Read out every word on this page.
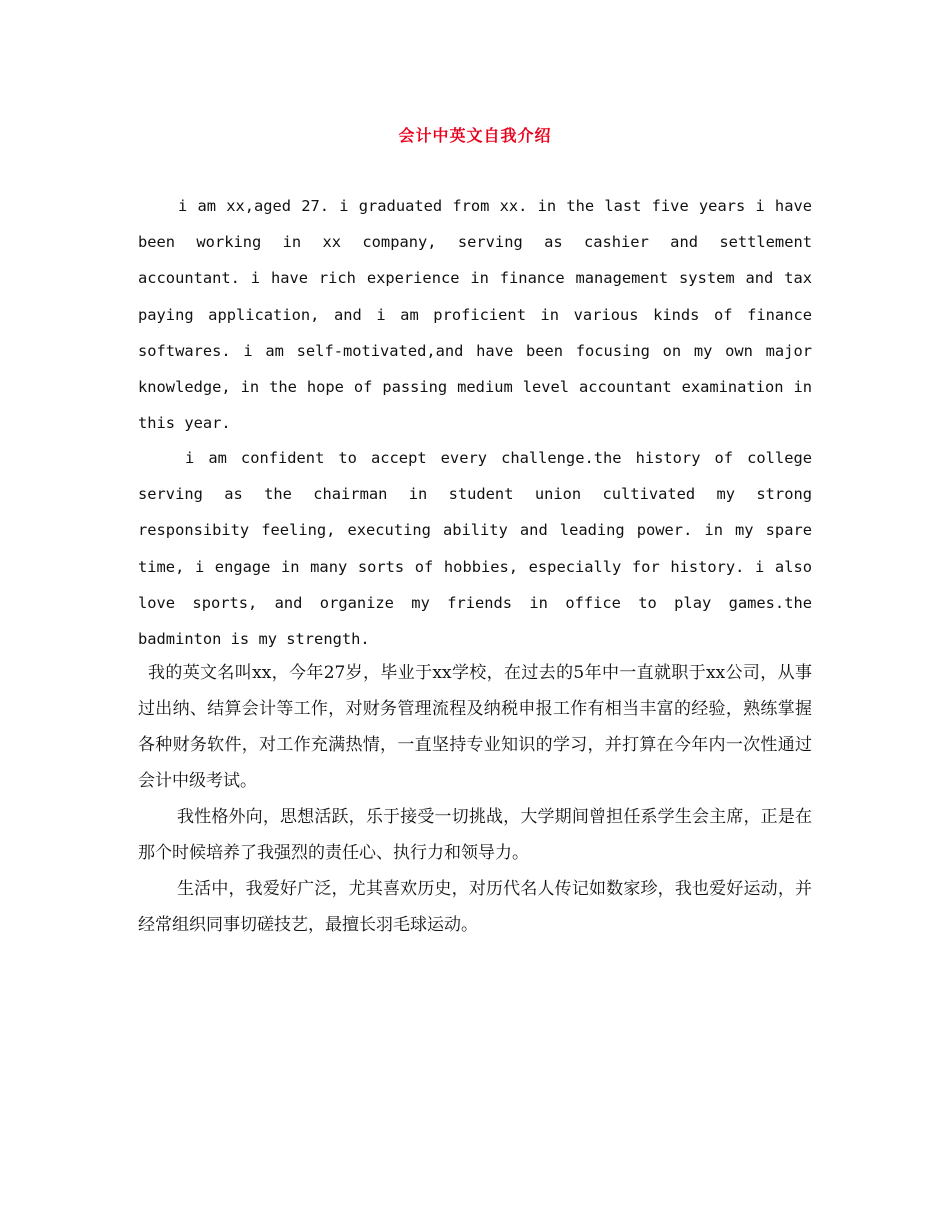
会计中英文自我介绍

i am xx,aged 27. i graduated from xx. in the last five years i have been working in xx company, serving as cashier and settlement accountant. i have rich experience in finance management system and tax paying application, and i am proficient in various kinds of finance softwares. i am self-motivated,and have been focusing on my own major knowledge, in the hope of passing medium level accountant examination in this year.

i am confident to accept every challenge.the history of college serving as the chairman in student union cultivated my strong responsibity feeling, executing ability and leading power. in my spare time, i engage in many sorts of hobbies, especially for history. i also love sports, and organize my friends in office to play games.the badminton is my strength.

我的英文名叫xx，今年27岁，毕业于xx学校，在过去的5年中一直就职于xx公司，从事过出纳、结算会计等工作，对财务管理流程及纳税申报工作有相当丰富的经验，熟练掌握各种财务软件，对工作充满热情，一直坚持专业知识的学习，并打算在今年内一次性通过会计中级考试。

我性格外向，思想活跃，乐于接受一切挑战，大学期间曾担任系学生会主席，正是在那个时候培养了我强烈的责任心、执行力和领导力。

生活中，我爱好广泛，尤其喜欢历史，对历代名人传记如数家珍，我也爱好运动，并经常组织同事切磋技艺，最擅长羽毛球运动。
